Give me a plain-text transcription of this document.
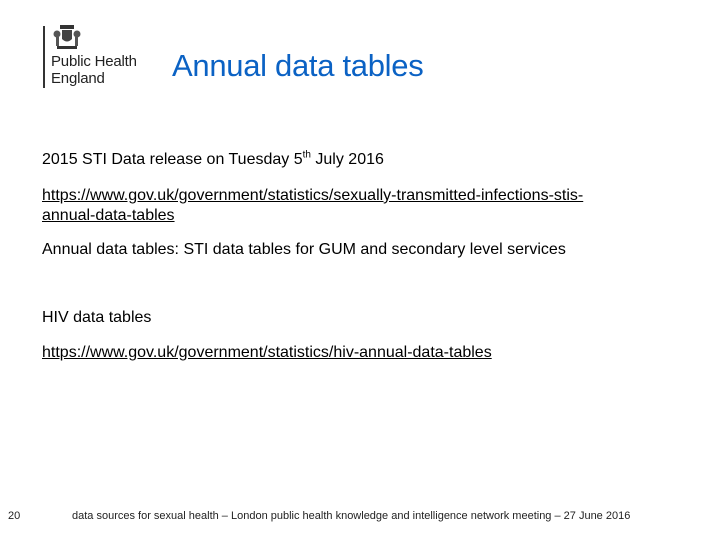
Public Health
England	Annual data tables

2015 STI Data release on Tuesday 5th July 2016

https://www.gov.uk/government/statistics/sexually-transmitted-infections-stis-
annual-data-tables

Annual data tables: STI data tables for GUM and secondary level services

HIV data tables

https://www.gov.uk/government/statistics/hiv-annual-data-tables

20	data sources for sexual health – London public health knowledge and intelligence network meeting – 27 June 2016
